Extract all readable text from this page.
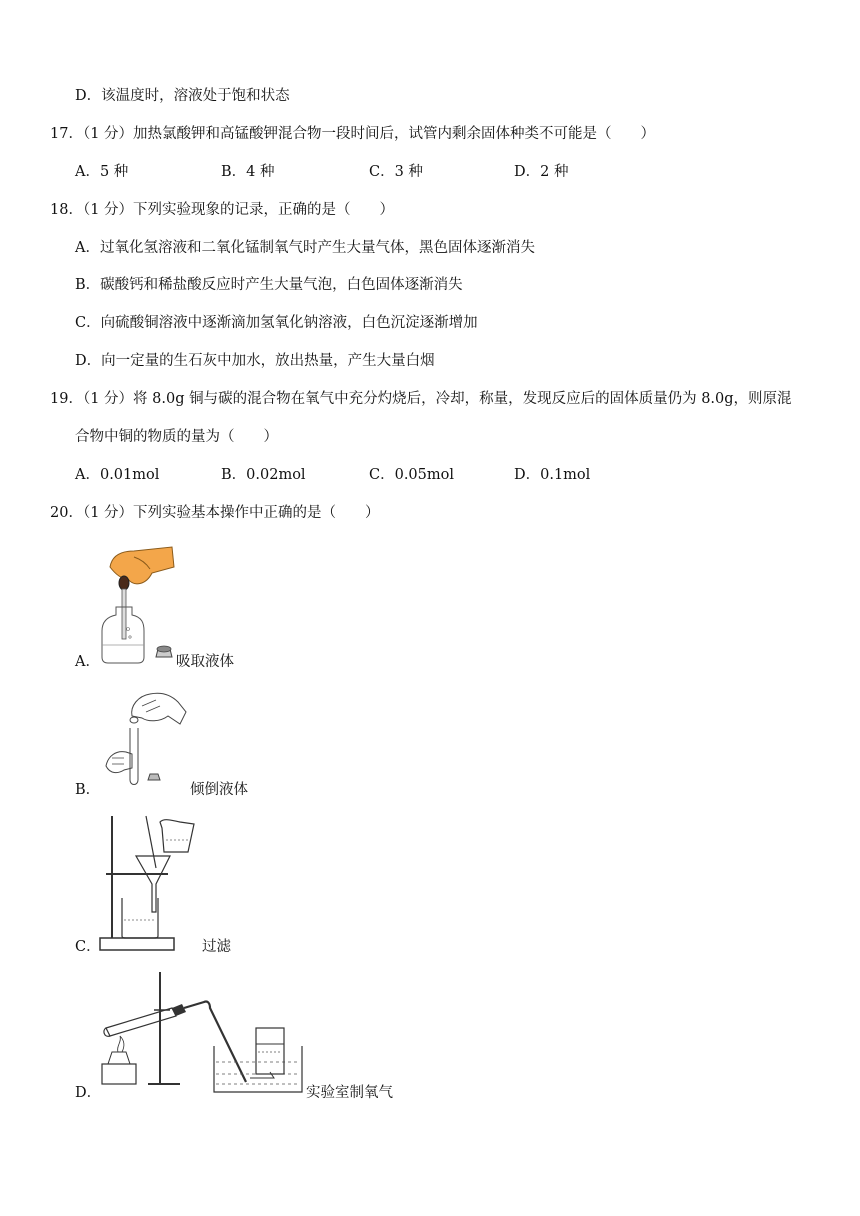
D．该温度时，溶液处于饱和状态
17．（1 分）加热氯酸钾和高锰酸钾混合物一段时间后，试管内剩余固体种类不可能是（　　）
A．5 种	B．4 种	C．3 种	D．2 种
18．（1 分）下列实验现象的记录，正确的是（　　）
A．过氧化氢溶液和二氧化锰制氧气时产生大量气体，黑色固体逐渐消失
B．碳酸钙和稀盐酸反应时产生大量气泡，白色固体逐渐消失
C．向硫酸铜溶液中逐渐滴加氢氧化钠溶液，白色沉淀逐渐增加
D．向一定量的生石灰中加水，放出热量，产生大量白烟
19．（1 分）将 8.0g 铜与碳的混合物在氧气中充分灼烧后，冷却，称量，发现反应后的固体质量仍为 8.0g，则原混
合物中铜的物质的量为（　　）
A．0.01mol	B．0.02mol	C．0.05mol	D．0.1mol
20．（1 分）下列实验基本操作中正确的是（　　）
A．	吸取液体
B．	倾倒液体
C．	过滤
D．	实验室制氧气
